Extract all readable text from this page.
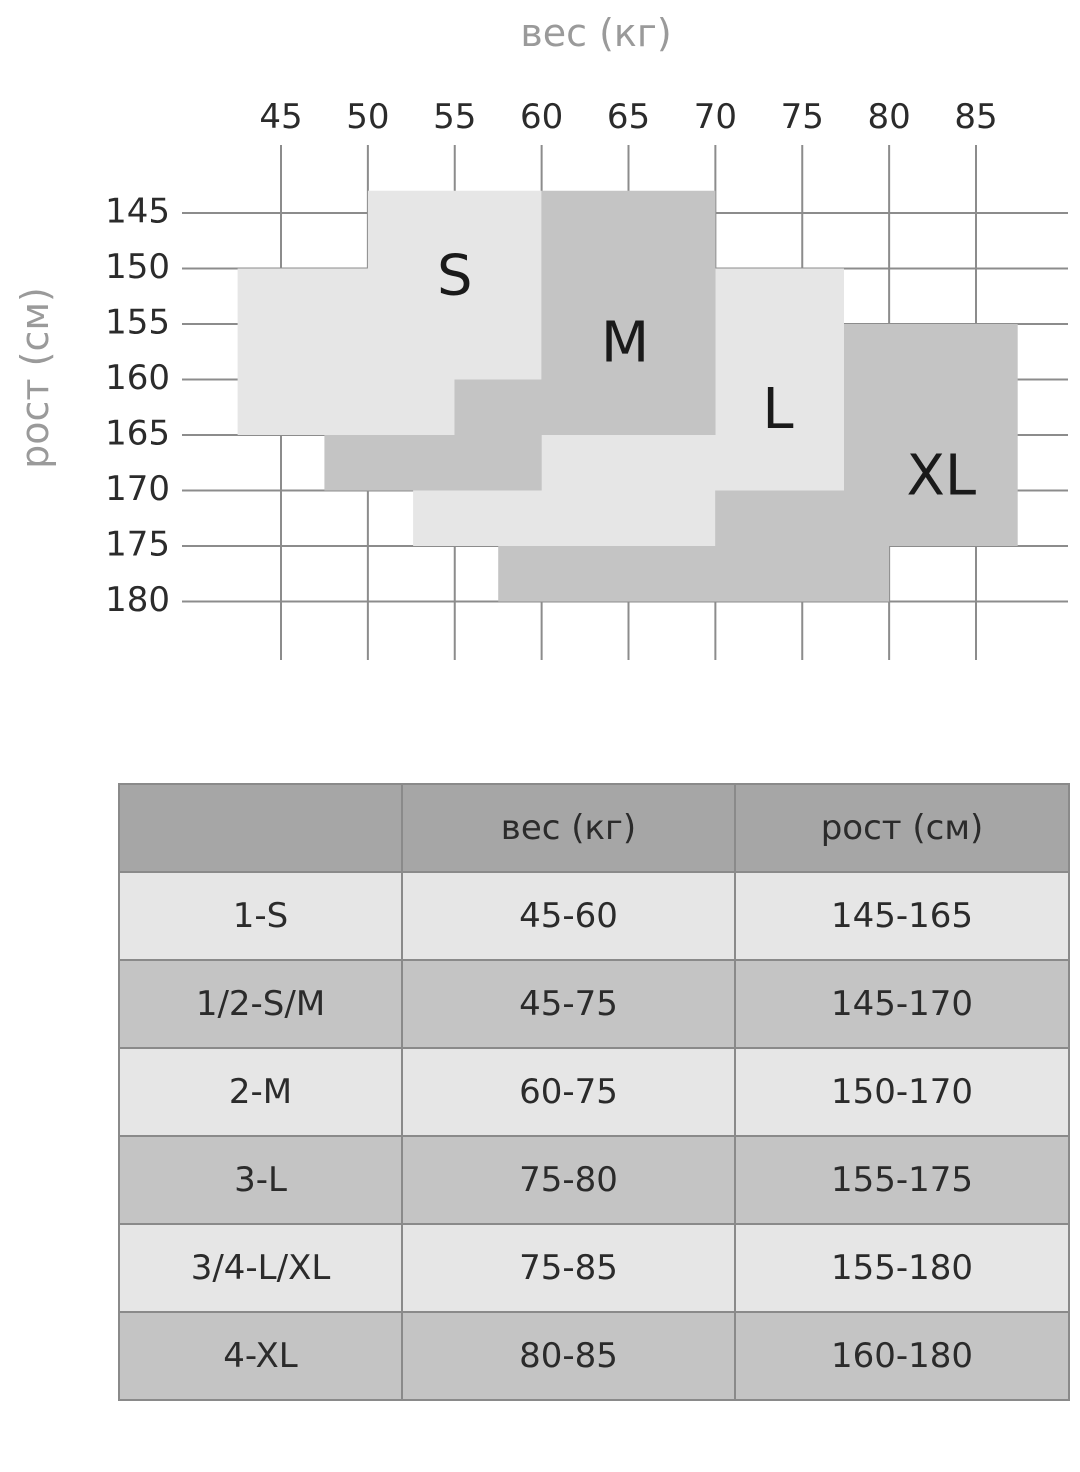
S
M
L
XL
45 50 55 60 65 70 75 80 85
145
150
155
160
165
170
175
180
вес (кг)
рост (см)
	вес (кг)	рост (см)
1-S	45-60	145-165
1/2-S/M	45-75	145-170
2-M	60-75	150-170
3-L	75-80	155-175
3/4-L/XL	75-85	155-180
4-XL	80-85	160-180
